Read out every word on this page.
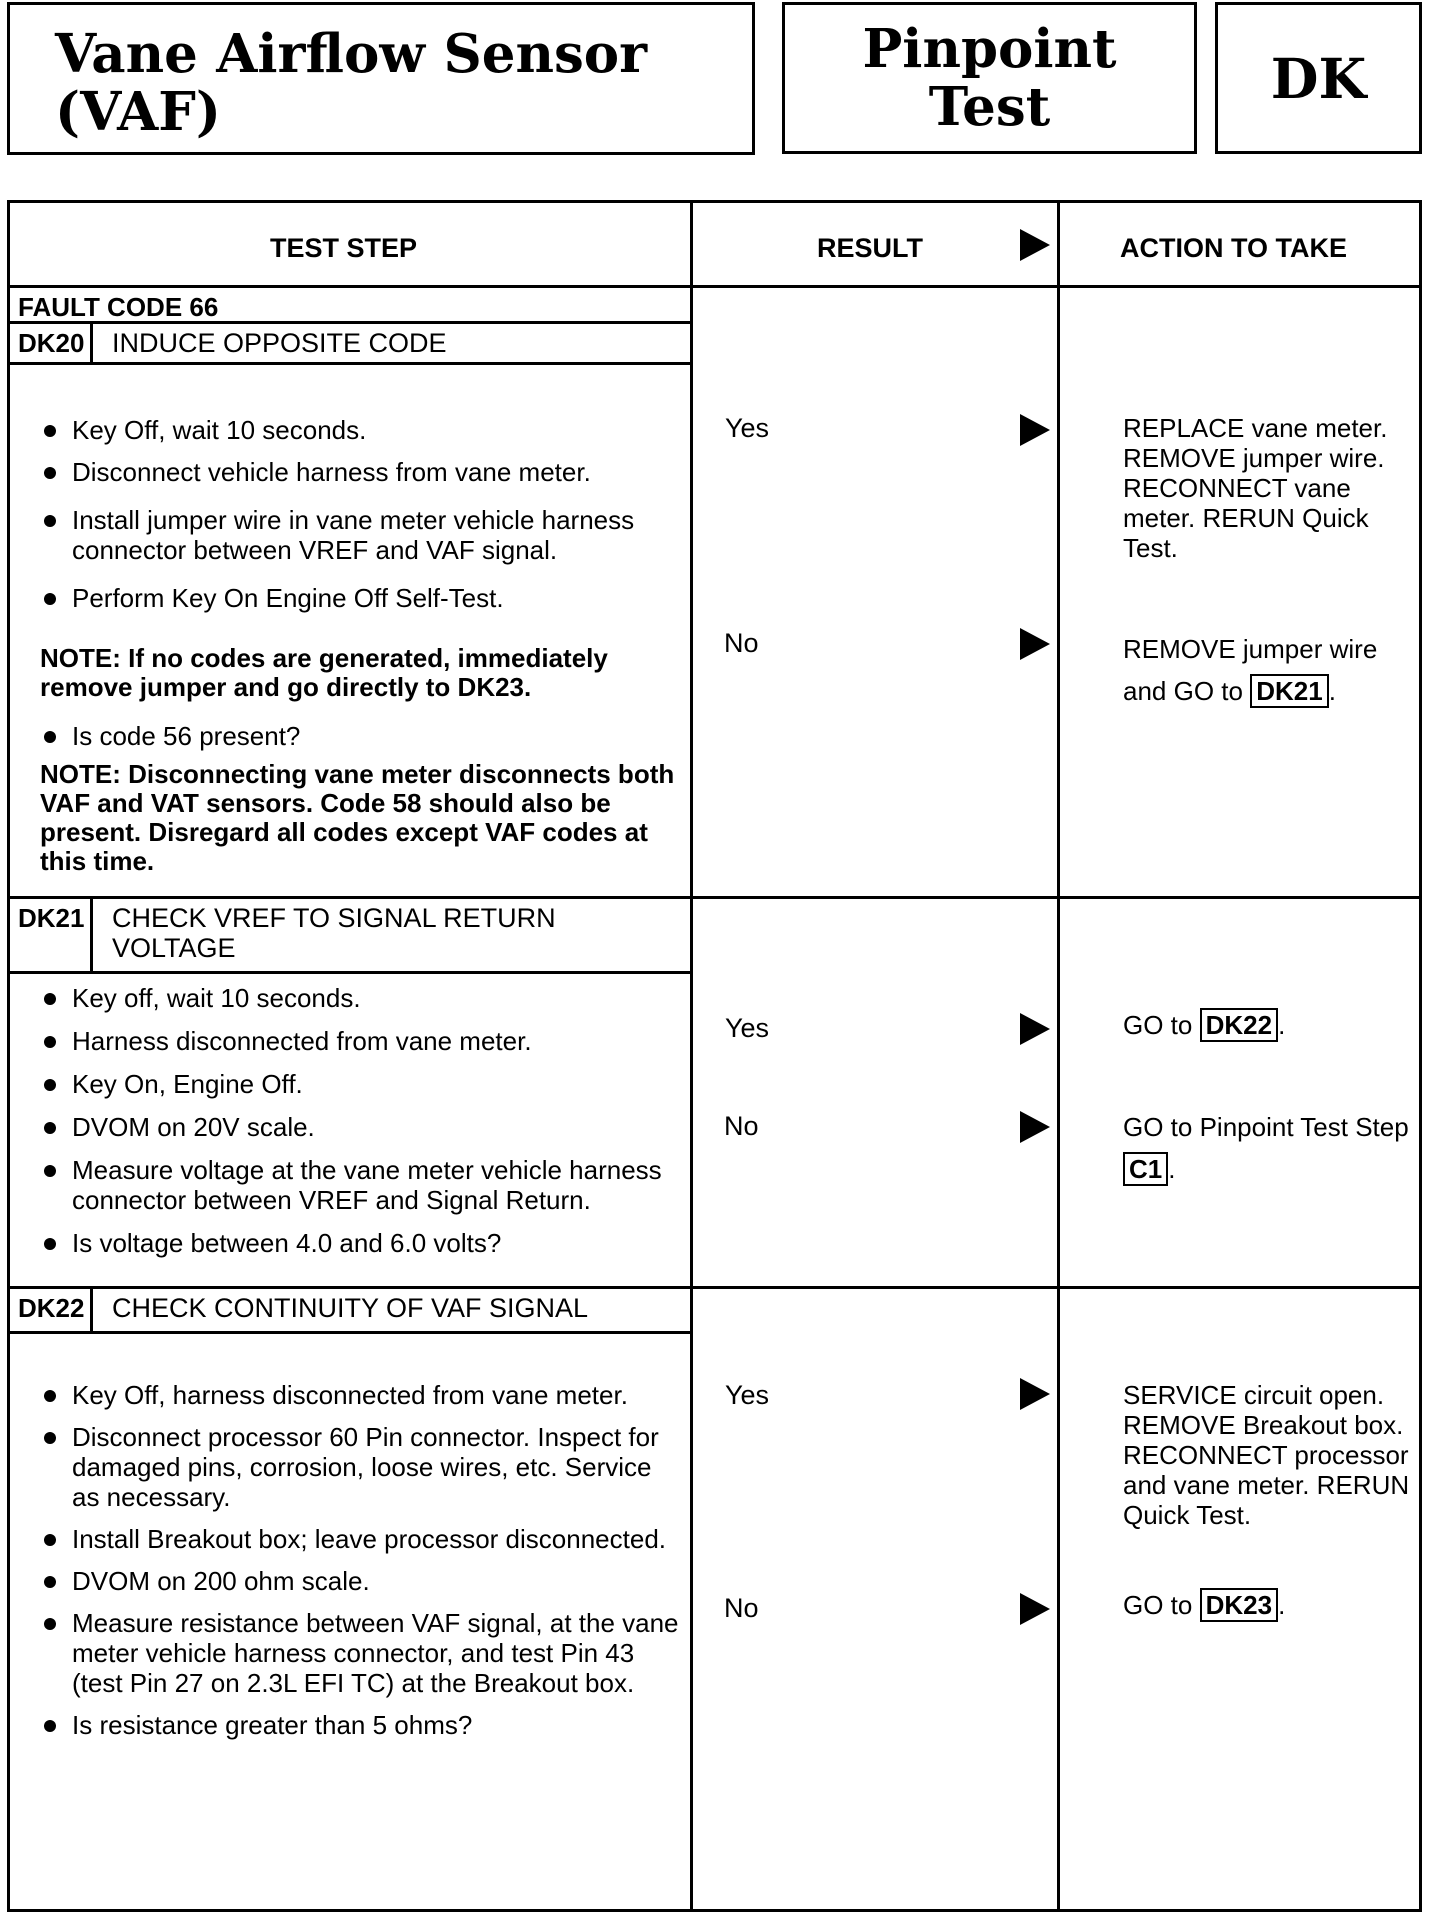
Vane Airflow Sensor
(VAF)
Pinpoint
Test	DK
TEST STEP	RESULT	ACTION TO TAKE
FAULT CODE 66
DK20 INDUCE OPPOSITE CODE
Key Off, wait 10 seconds.
Disconnect vehicle harness from vane meter.
Install jumper wire in vane meter vehicle harness connector between VREF and VAF signal.
Perform Key On Engine Off Self-Test.
NOTE: If no codes are generated, immediately remove jumper and go directly to DK23.
Is code 56 present?
NOTE: Disconnecting vane meter disconnects both VAF and VAT sensors. Code 58 should also be present. Disregard all codes except VAF codes at this time.
Yes	REPLACE vane meter. REMOVE jumper wire. RECONNECT vane meter. RERUN Quick Test.
No	REMOVE jumper wire and GO to DK21 .
DK21 CHECK VREF TO SIGNAL RETURN VOLTAGE
Key off, wait 10 seconds.
Harness disconnected from vane meter.
Key On, Engine Off.
DVOM on 20V scale.
Measure voltage at the vane meter vehicle harness connector between VREF and Signal Return.
Is voltage between 4.0 and 6.0 volts?
Yes	GO to DK22 .
No	GO to Pinpoint Test Step C1 .
DK22 CHECK CONTINUITY OF VAF SIGNAL
Key Off, harness disconnected from vane meter.
Disconnect processor 60 Pin connector. Inspect for damaged pins, corrosion, loose wires, etc. Service as necessary.
Install Breakout box; leave processor disconnected.
DVOM on 200 ohm scale.
Measure resistance between VAF signal, at the vane meter vehicle harness connector, and test Pin 43 (test Pin 27 on 2.3L EFI TC) at the Breakout box.
Is resistance greater than 5 ohms?
Yes	SERVICE circuit open. REMOVE Breakout box. RECONNECT processor and vane meter. RERUN Quick Test.
No	GO to DK23 .
